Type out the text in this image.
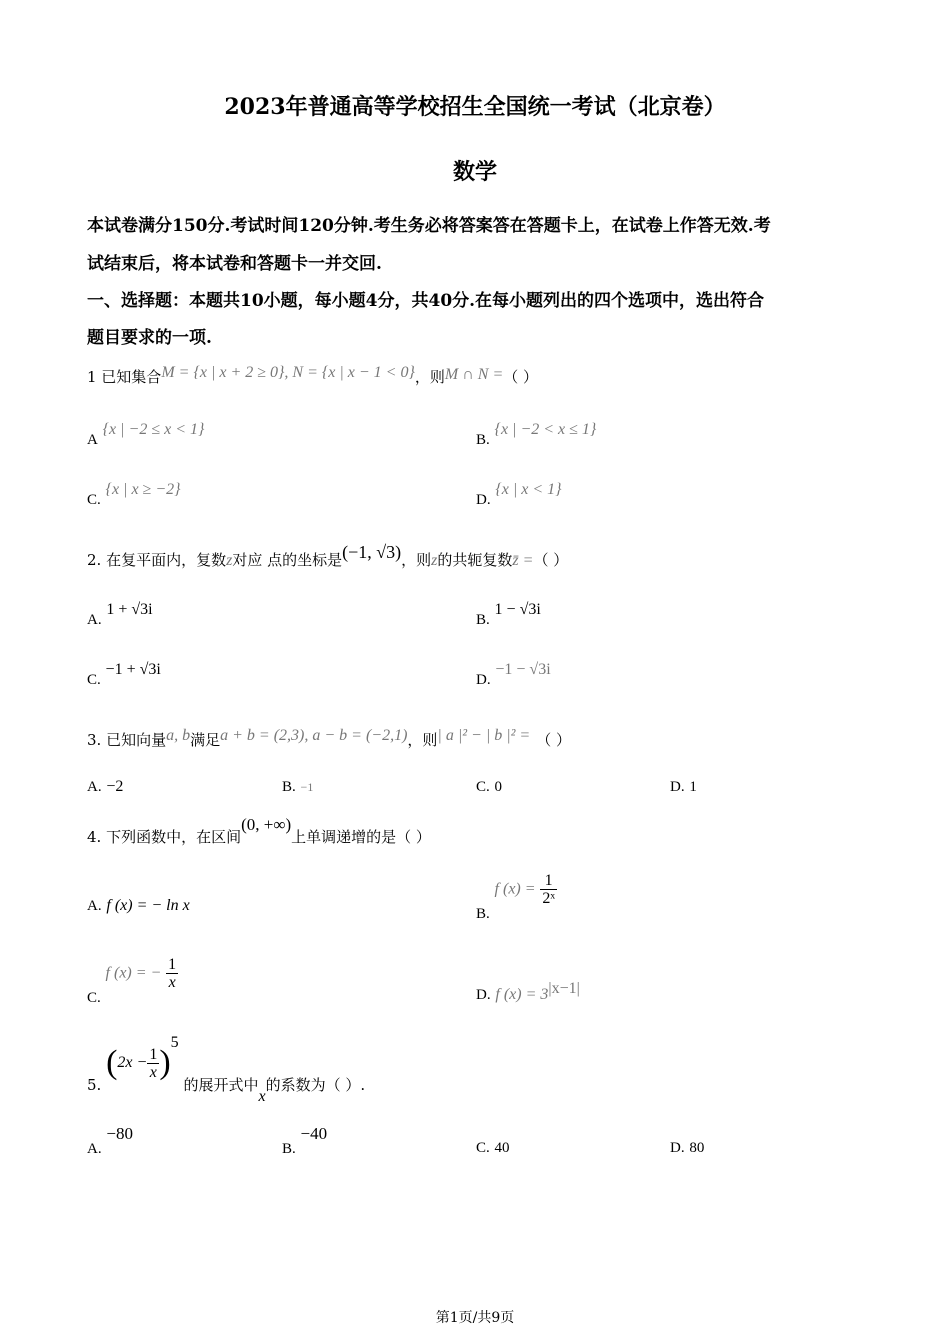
2023年普通高等学校招生全国统一考试（北京卷）
数学
本试卷满分150分.考试时间120分钟.考生务必将答案答在答题卡上，在试卷上作答无效.考
试结束后，将本试卷和答题卡一并交回.
一、选择题：本题共10小题，每小题4分，共40分.在每小题列出的四个选项中，选出符合
题目要求的一项.
1 已知集合M = {x | x + 2 ≥ 0}, N = {x | x − 1 < 0}，则M ∩ N =（ ）
A {x | −2 ≤ x < 1}
B. {x | −2 < x ≤ 1}
C. {x | x ≥ −2}
D. {x | x < 1}
2. 在复平面内，复数z对应 点的坐标是(−1, √3)，则z的共轭复数z̄ =（ ）
A. 1 + √3i
B. 1 − √3i
C. −1 + √3i
D. −1 − √3i
3. 已知向量a, b满足a + b = (2,3), a − b = (−2,1)，则| a |² − | b |² = （ ）
A. −2	B. −1	C. 0	D. 1
4. 下列函数中，在区间(0, +∞)上单调递增的是（ ）
A. f (x) = − ln x	B. f $(x) = \frac{1}{\text{2ˣ}}$
C. f (x) = − $\frac{1}{x}$
D. f $(x) = 3^{|x-1|}$
5. $(2x - \frac{1}{x} )^5$ 的展开式中x的系数为（ ）.
A. −80
B. −40
C. 40	D. 80
第1页/共9页
